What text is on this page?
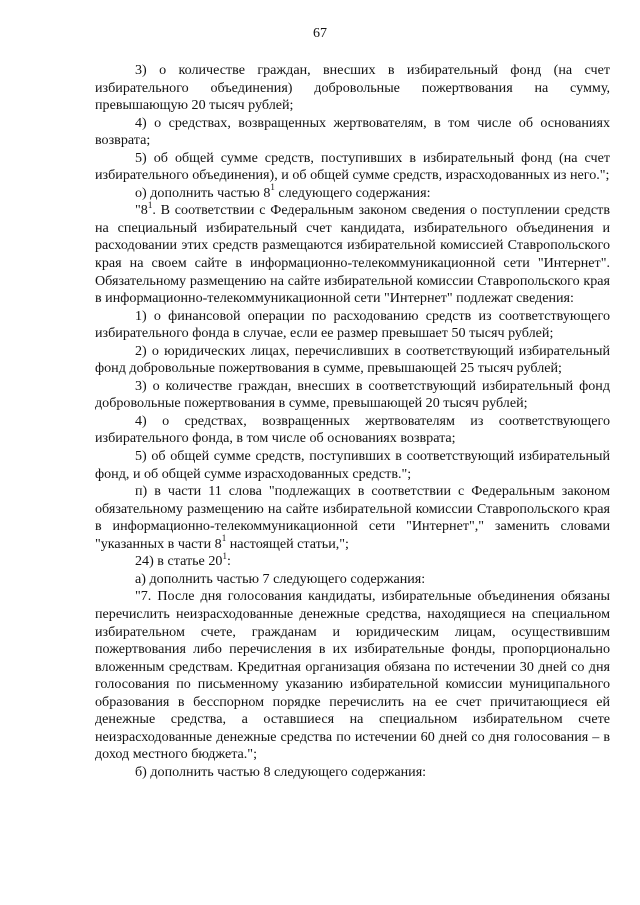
67

3) о количестве граждан, внесших в избирательный фонд (на счет избирательного объединения) добровольные пожертвования на сумму, превышающую 20 тысяч рублей;

4) о средствах, возвращенных жертвователям, в том числе об основаниях возврата;

5) об общей сумме средств, поступивших в избирательный фонд (на счет избирательного объединения), и об общей сумме средств, израсходованных из него.";

о) дополнить частью $8^1$ следующего содержания:

"$8^1$. В соответствии с Федеральным законом сведения о поступлении средств на специальный избирательный счет кандидата, избирательного объединения и расходовании этих средств размещаются избирательной комиссией Ставропольского края на своем сайте в информационно-телекоммуникационной сети "Интернет". Обязательному размещению на сайте избирательной комиссии Ставропольского края в информационно-телекоммуникационной сети "Интернет" подлежат сведения:

1) о финансовой операции по расходованию средств из соответствующего избирательного фонда в случае, если ее размер превышает 50 тысяч рублей;

2) о юридических лицах, перечисливших в соответствующий избирательный фонд добровольные пожертвования в сумме, превышающей 25 тысяч рублей;

3) о количестве граждан, внесших в соответствующий избирательный фонд добровольные пожертвования в сумме, превышающей 20 тысяч рублей;

4) о средствах, возвращенных жертвователям из соответствующего избирательного фонда, в том числе об основаниях возврата;

5) об общей сумме средств, поступивших в соответствующий избирательный фонд, и об общей сумме израсходованных средств.";

п) в части 11 слова "подлежащих в соответствии с Федеральным законом обязательному размещению на сайте избирательной комиссии Ставропольского края в информационно-телекоммуникационной сети "Интернет"," заменить словами "указанных в части $8^1$ настоящей статьи,";

24) в статье $20^1$:

а) дополнить частью 7 следующего содержания:

"7. После дня голосования кандидаты, избирательные объединения обязаны перечислить неизрасходованные денежные средства, находящиеся на специальном избирательном счете, гражданам и юридическим лицам, осуществившим пожертвования либо перечисления в их избирательные фонды, пропорционально вложенным средствам. Кредитная организация обязана по истечении 30 дней со дня голосования по письменному указанию избирательной комиссии муниципального образования в бесспорном порядке перечислить на ее счет причитающиеся ей денежные средства, а оставшиеся на специальном избирательном счете неизрасходованные денежные средства по истечении 60 дней со дня голосования – в доход местного бюджета.";

б) дополнить частью 8 следующего содержания:
